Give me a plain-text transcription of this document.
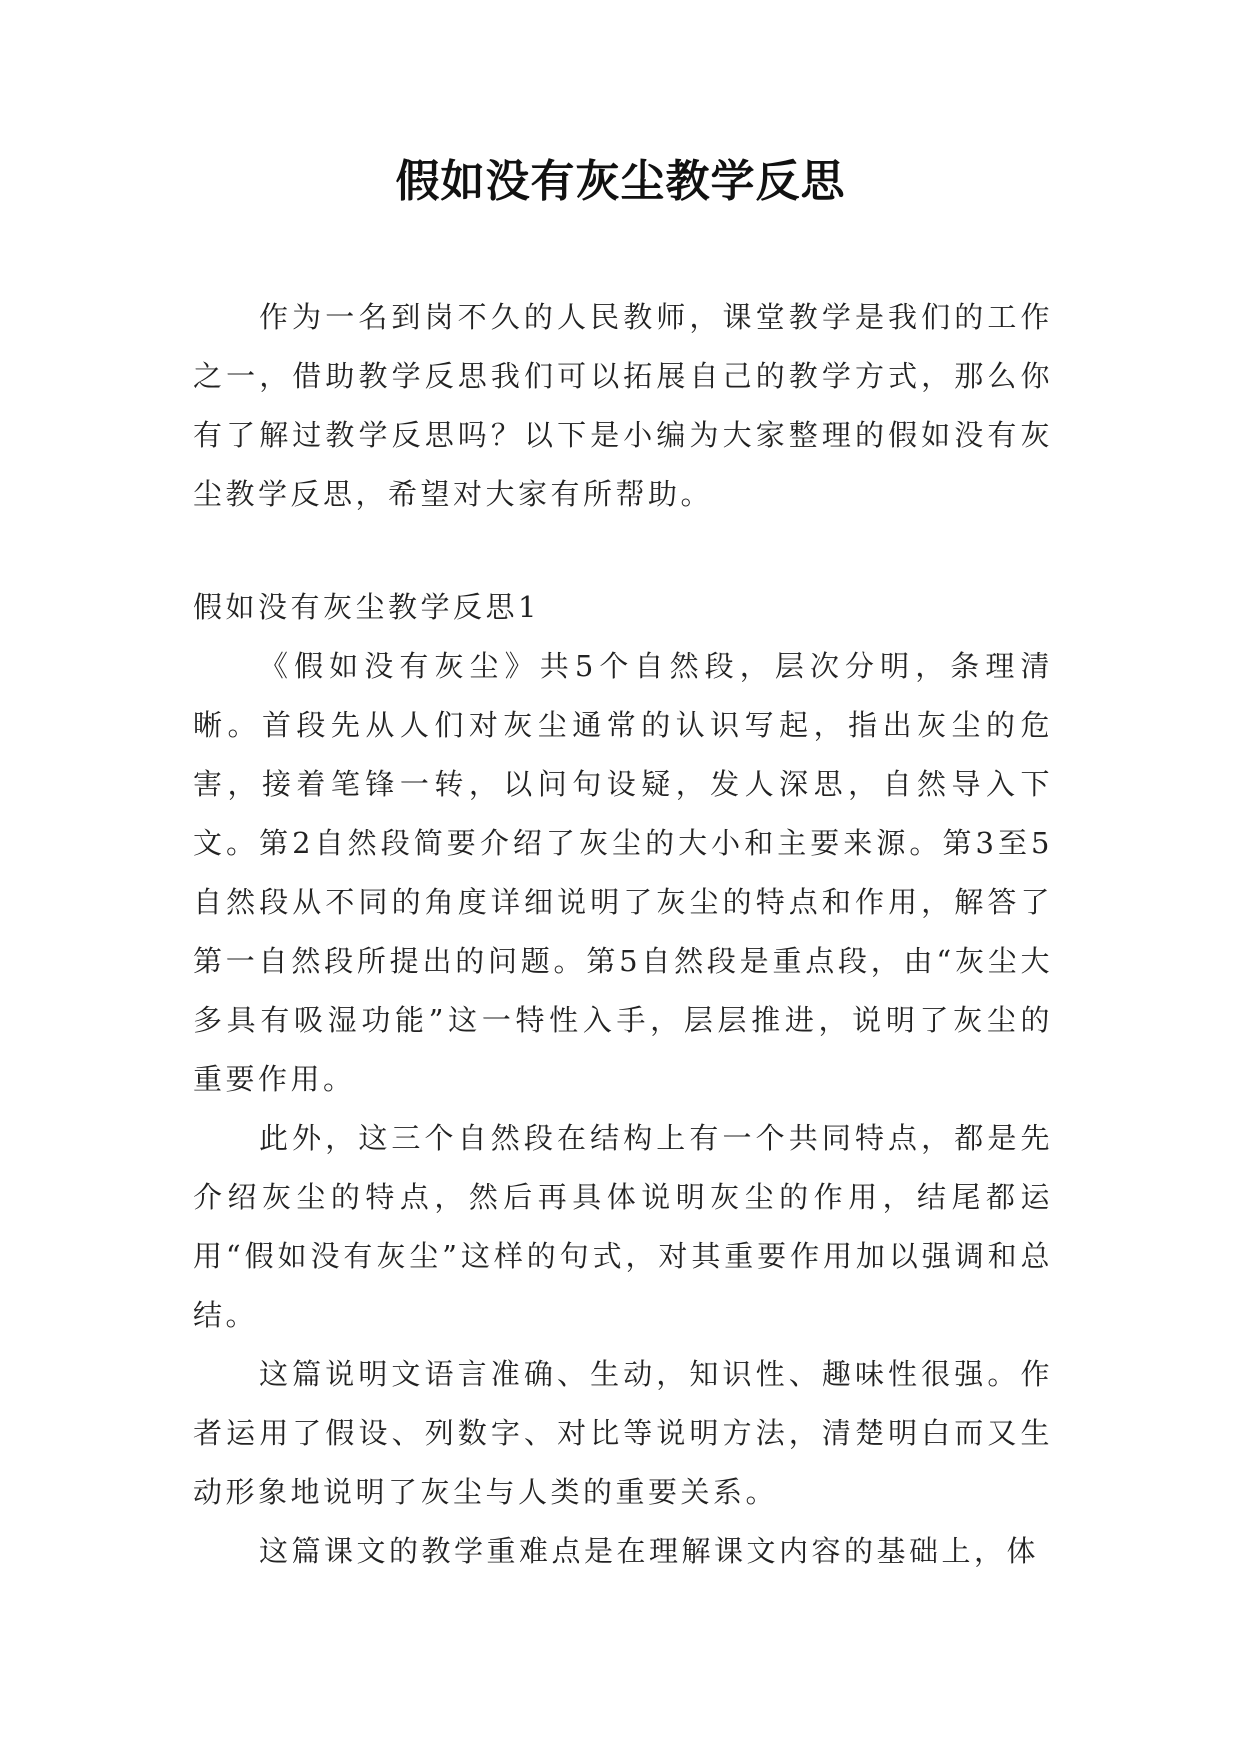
假如没有灰尘教学反思

作为一名到岗不久的人民教师，课堂教学是我们的工作之一，借助教学反思我们可以拓展自己的教学方式，那么你有了解过教学反思吗？以下是小编为大家整理的假如没有灰尘教学反思，希望对大家有所帮助。

假如没有灰尘教学反思1

《假如没有灰尘》共5个自然段，层次分明，条理清晰。首段先从人们对灰尘通常的认识写起，指出灰尘的危害，接着笔锋一转，以问句设疑，发人深思，自然导入下文。第2自然段简要介绍了灰尘的大小和主要来源。第3至5自然段从不同的角度详细说明了灰尘的特点和作用，解答了第一自然段所提出的问题。第5自然段是重点段，由“灰尘大多具有吸湿功能”这一特性入手，层层推进，说明了灰尘的重要作用。

此外，这三个自然段在结构上有一个共同特点，都是先介绍灰尘的特点，然后再具体说明灰尘的作用，结尾都运用“假如没有灰尘”这样的句式，对其重要作用加以强调和总结。

这篇说明文语言准确、生动，知识性、趣味性很强。作者运用了假设、列数字、对比等说明方法，清楚明白而又生动形象地说明了灰尘与人类的重要关系。

这篇课文的教学重难点是在理解课文内容的基础上，体
